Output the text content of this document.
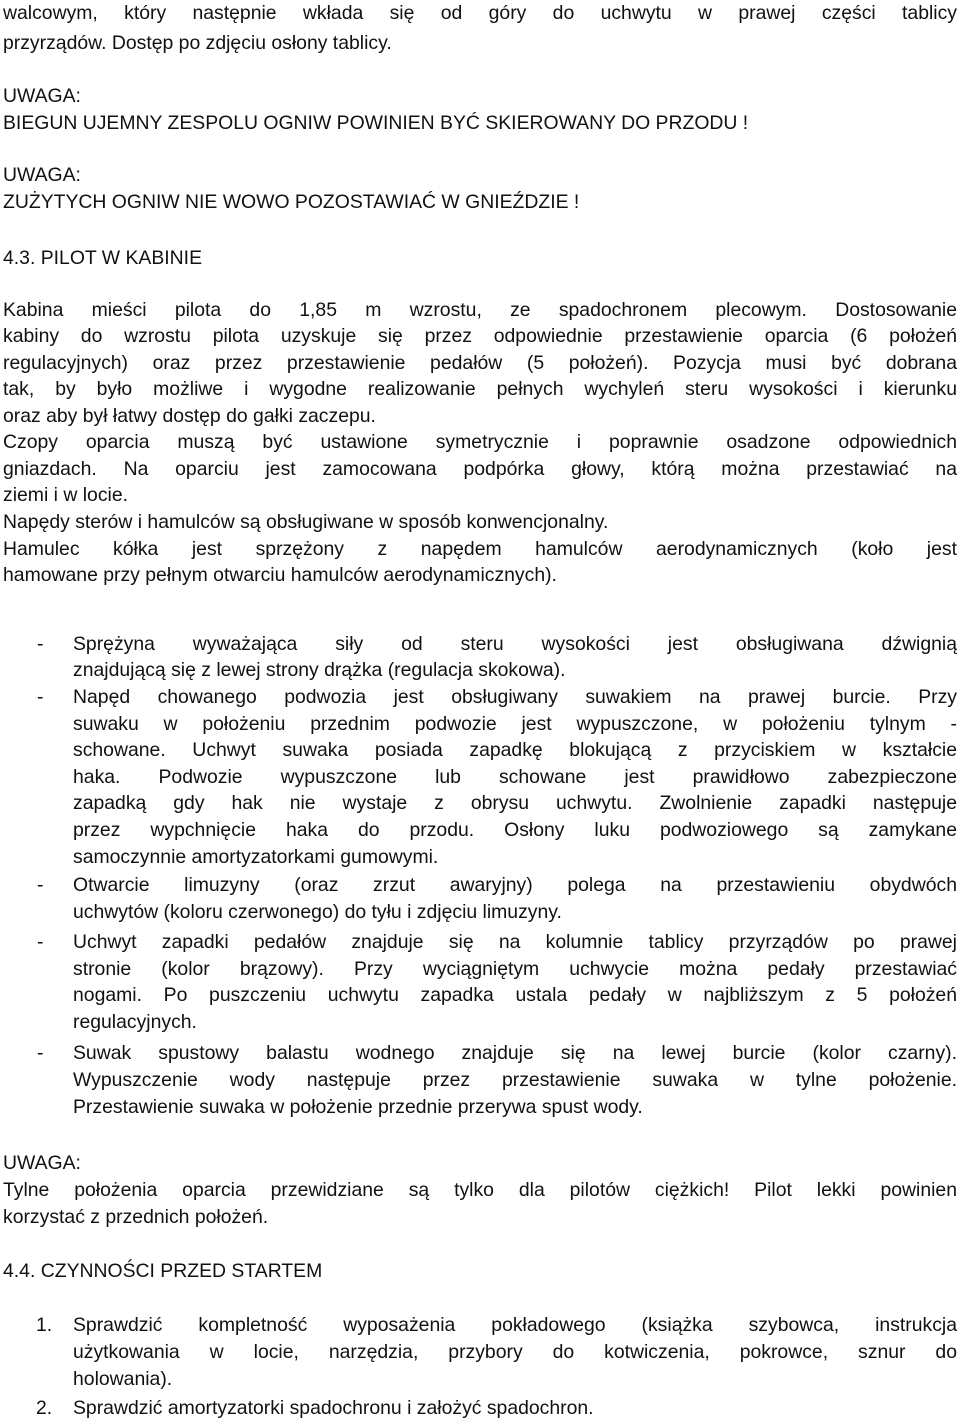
walcowym, który następnie wkłada się od góry do uchwytu w prawej części tablicy
przyrządów. Dostęp po zdjęciu osłony tablicy.
UWAGA:
BIEGUN UJEMNY ZESPOLU OGNIW POWINIEN BYĆ SKIEROWANY DO PRZODU !
UWAGA:
ZUŻYTYCH OGNIW NIE WOWO POZOSTAWIAĆ W GNIEŹDZIE !
4.3. PILOT W KABINIE
Kabina mieści pilota do 1,85 m wzrostu, ze spadochronem plecowym. Dostosowanie
kabiny do wzrostu pilota uzyskuje się przez odpowiednie przestawienie oparcia (6 położeń
regulacyjnych) oraz przez przestawienie pedałów (5 położeń). Pozycja musi być dobrana
tak, by było możliwe i wygodne realizowanie pełnych wychyleń steru wysokości i kierunku
oraz aby był łatwy dostęp do gałki zaczepu.
Czopy oparcia muszą być ustawione symetrycznie i poprawnie osadzone odpowiednich
gniazdach. Na oparciu jest zamocowana podpórka głowy, którą można przestawiać na
ziemi i w locie.
Napędy sterów i hamulców są obsługiwane w sposób konwencjonalny.
Hamulec kółka jest sprzężony z napędem hamulców aerodynamicznych (koło jest
hamowane przy pełnym otwarciu hamulców aerodynamicznych).
- Sprężyna wyważająca siły od steru wysokości jest obsługiwana dźwignią
znajdującą się z lewej strony drążka (regulacja skokowa).
- Napęd chowanego podwozia jest obsługiwany suwakiem na prawej burcie. Przy
suwaku w położeniu przednim podwozie jest wypuszczone, w położeniu tylnym -
schowane. Uchwyt suwaka posiada zapadkę blokującą z przyciskiem w kształcie
haka. Podwozie wypuszczone lub schowane jest prawidłowo zabezpieczone
zapadką gdy hak nie wystaje z obrysu uchwytu. Zwolnienie zapadki następuje
przez wypchnięcie haka do przodu. Osłony luku podwoziowego są zamykane
samoczynnie amortyzatorkami gumowymi.
- Otwarcie limuzyny (oraz zrzut awaryjny) polega na przestawieniu obydwóch
uchwytów (koloru czerwonego) do tyłu i zdjęciu limuzyny.
- Uchwyt zapadki pedałów znajduje się na kolumnie tablicy przyrządów po prawej
stronie (kolor brązowy). Przy wyciągniętym uchwycie można pedały przestawiać
nogami. Po puszczeniu uchwytu zapadka ustala pedały w najbliższym z 5 położeń
regulacyjnych.
- Suwak spustowy balastu wodnego znajduje się na lewej burcie (kolor czarny).
Wypuszczenie wody następuje przez przestawienie suwaka w tylne położenie.
Przestawienie suwaka w położenie przednie przerywa spust wody.
UWAGA:
Tylne położenia oparcia przewidziane są tylko dla pilotów ciężkich! Pilot lekki powinien
korzystać z przednich położeń.
4.4. CZYNNOŚCI PRZED STARTEM
1. Sprawdzić kompletność wyposażenia pokładowego (książka szybowca, instrukcja
użytkowania w locie, narzędzia, przybory do kotwiczenia, pokrowce, sznur do
holowania).
2. Sprawdzić amortyzatorki spadochronu i założyć spadochron.
